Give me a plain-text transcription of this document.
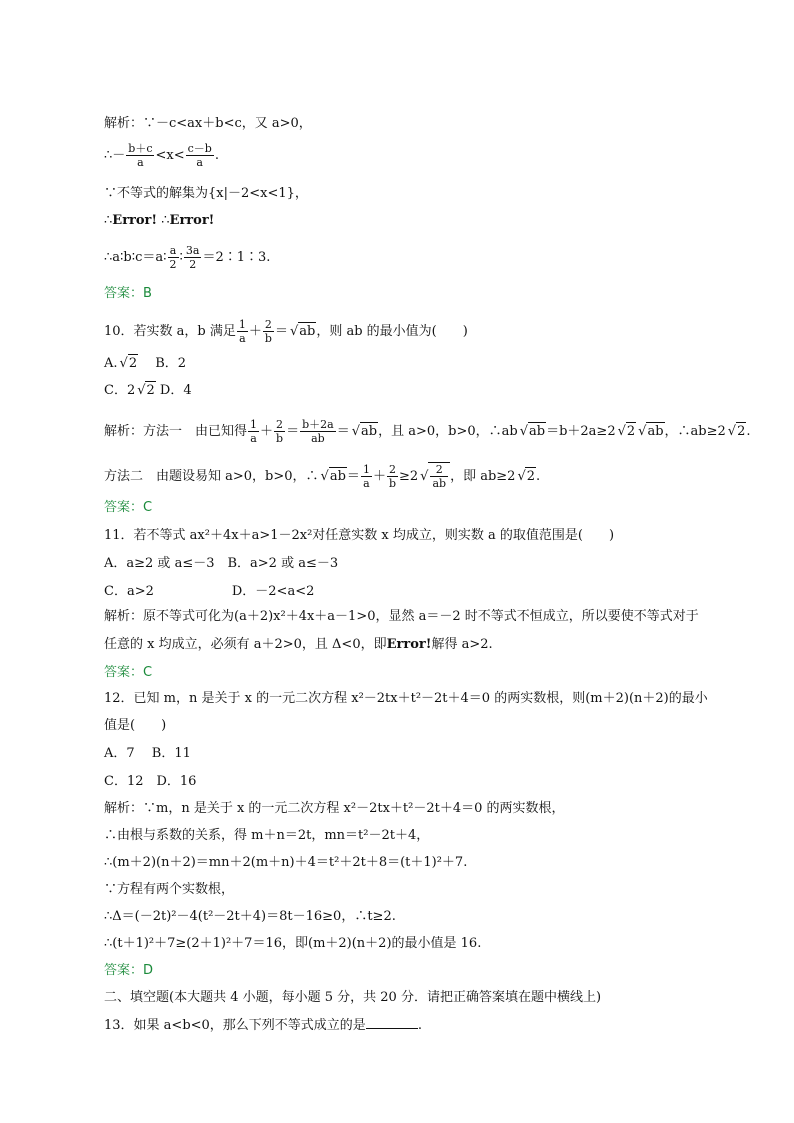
解析：∵－c<ax＋b<c，又 a>0，
∴－ $\frac{b+c}{a} <x< \frac{c-b}{a}$ .
∵不等式的解集为{x|－2<x<1}，
∴Error! ∴Error!
∴a∶b∶c＝a∶ $\frac{a}{2}$ ∶ $\frac{3a}{2}$ ＝2∶1∶3.
答案：B
10．若实数 a，b 满足 $\frac{1}{a} + \frac{2}{b}$ ＝ √ ab，则 ab 的最小值为(　　)
A. √ 2　 B．2
C．2 √ 2 D．4
解析：方法一　由已知得 $\frac{1}{a} + \frac{2}{b} = \frac{b+2a}{ab}$ ＝ √ ab，且 a>0，b>0，∴ab √ ab＝b＋2a≥2 √ 2 √ ab，∴ab≥2 √ 2.
方法二　由题设易知 a>0，b>0，∴ √ $ab= \frac{1}{a} + \frac{2}{b} \ge 2$ √ $\frac{2}{ab}$ ，即 ab≥2 √ 2.
答案：C
11．若不等式 ax²＋4x＋a>1－2x²对任意实数 x 均成立，则实数 a 的取值范围是(　　)
A．a≥2 或 a≤－3　B．a>2 或 a≤－3
C．a>2　　　　　　D．－2<a<2
解析：原不等式可化为(a＋2)x²＋4x＋a－1>0，显然 a＝－2 时不等式不恒成立，所以要使不等式对于
任意的 x 均成立，必须有 a＋2>0，且 Δ<0，即Error!解得 a>2.
答案：C
12．已知 m，n 是关于 x 的一元二次方程 x²－2tx＋t²－2t＋4＝0 的两实数根，则(m＋2)(n＋2)的最小
值是(　　)
A．7　 B．11
C．12　D．16
解析：∵m，n 是关于 x 的一元二次方程 x²－2tx＋t²－2t＋4＝0 的两实数根，
∴由根与系数的关系，得 m＋n＝2t，mn＝t²－2t＋4，
∴(m＋2)(n＋2)＝mn＋2(m＋n)＋4＝t²＋2t＋8＝(t＋1)²＋7.
∵方程有两个实数根，
∴Δ＝(－2t)²－4(t²－2t＋4)＝8t－16≥0，∴t≥2.
∴(t＋1)²＋7≥(2＋1)²＋7＝16，即(m＋2)(n＋2)的最小值是 16.
答案：D
二、填空题(本大题共 4 小题，每小题 5 分，共 20 分．请把正确答案填在题中横线上)
13．如果 a<b<0，那么下列不等式成立的是	.
